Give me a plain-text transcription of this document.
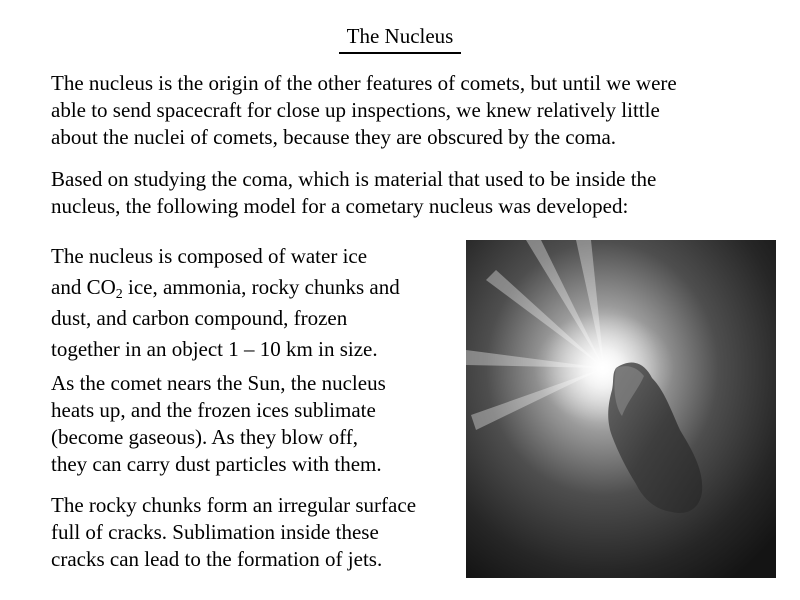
The Nucleus

The nucleus is the origin of the other features of comets, but until we were
able to send spacecraft for close up inspections, we knew relatively little
about the nuclei of comets, because they are obscured by the coma.

Based on studying the coma, which is material that used to be inside the
nucleus, the following model for a cometary nucleus was developed:

The nucleus is composed of water ice
and $CO_2$ ice, ammonia, rocky chunks and
dust, and carbon compound, frozen
together in an object 1 – 10 km in size.

As the comet nears the Sun, the nucleus
heats up, and the frozen ices sublimate
(become gaseous). As they blow off,
they can carry dust particles with them.

The rocky chunks form an irregular surface
full of cracks. Sublimation inside these
cracks can lead to the formation of jets.
